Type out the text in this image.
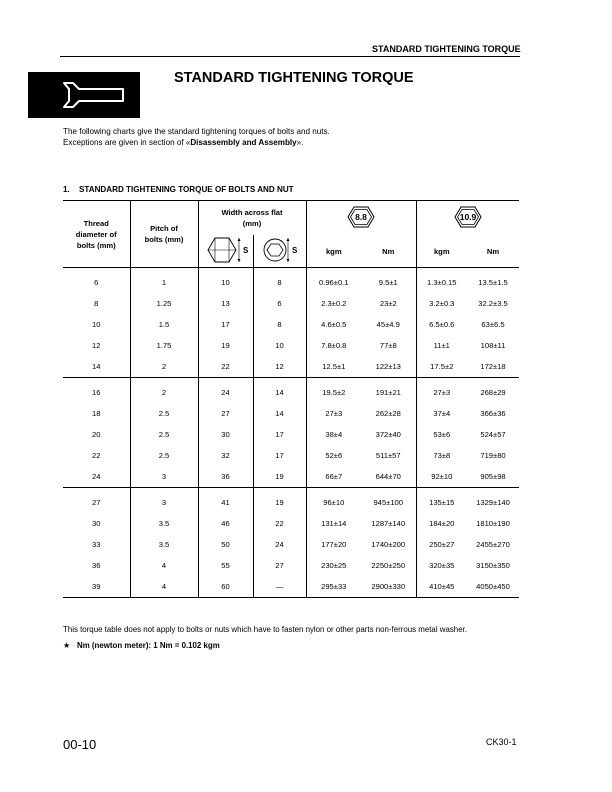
STANDARD TIGHTENING TORQUE
STANDARD TIGHTENING TORQUE
The following charts give the standard tightening torques of bolts and nuts.
Exceptions are given in section of «Disassembly and Assembly».
1. STANDARD TIGHTENING TORQUE OF BOLTS AND NUT
Thread diameter of bolts (mm)	Pitch of bolts (mm)	Width across flat (mm)		8.8		10.9	

S	S	kgm	Nm	kgm	Nm
6	1	10	8	0.96±0.1	9.5±1	1.3±0.15	13.5±1.5
8	1.25	13	6	2.3±0.2	23±2	3.2±0.3	32.2±3.5
10	1.5	17	8	4.6±0.5	45±4.9	6.5±0.6	63±6.5
12	1.75	19	10	7.8±0.8	77±8	11±1	108±11
14	2	22	12	12.5±1	122±13	17.5±2	172±18
16	2	24	14	19.5±2	191±21	27±3	268±29
18	2.5	27	14	27±3	262±28	37±4	366±36
20	2.5	30	17	38±4	372±40	53±6	524±57
22	2.5	32	17	52±6	511±57	73±8	719±80
24	3	36	19	66±7	644±70	92±10	905±98
27	3	41	19	96±10	945±100	135±15	1329±140
30	3.5	46	22	131±14	1287±140	184±20	1810±190
33	3.5	50	24	177±20	1740±200	250±27	2455±270
36	4	55	27	230±25	2250±250	320±35	3150±350
39	4	60	—	295±33	2900±330	410±45	4050±450
This torque table does not apply to bolts or nuts which have to fasten nylon or other parts non-ferrous metal washer.
★ Nm (newton meter): 1 Nm = 0.102 kgm
00-10	CK30-1
